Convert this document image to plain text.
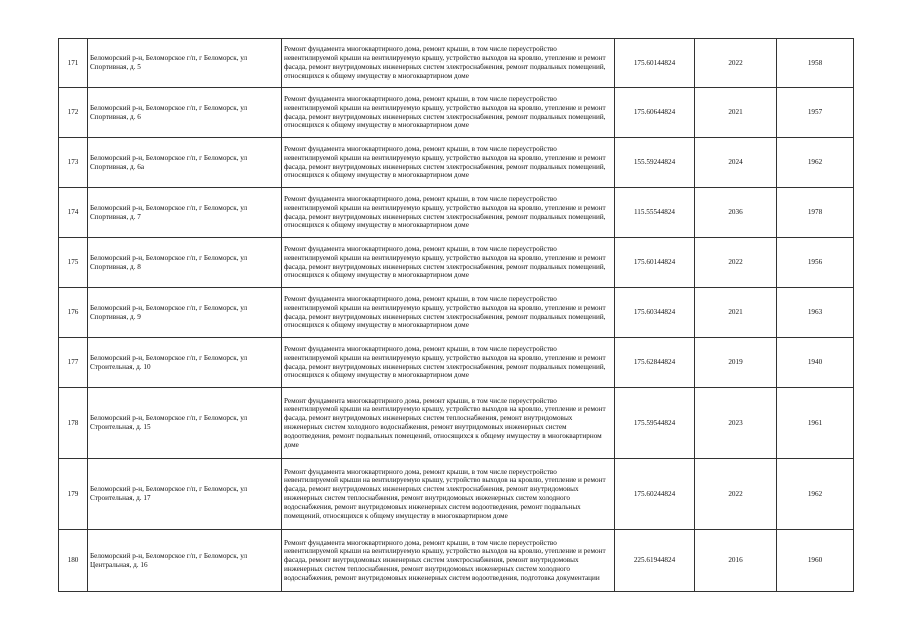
171	Беломорский р-н, Беломорское г/п, г Беломорск, ул Спортивная, д. 5	Ремонт фундамента многоквартирного дома, ремонт крыши, в том числе переустройство невентилируемой крыши на вентилируемую крышу, устройство выходов на кровлю, утепление и ремонт фасада, ремонт внутридомовых инженерных систем электроснабжения, ремонт подвальных помещений, относящихся к общему имуществу в многоквартирном доме	175.60144824	2022	1958
172	Беломорский р-н, Беломорское г/п, г Беломорск, ул Спортивная, д. 6	Ремонт фундамента многоквартирного дома, ремонт крыши, в том числе переустройство невентилируемой крыши на вентилируемую крышу, устройство выходов на кровлю, утепление и ремонт фасада, ремонт внутридомовых инженерных систем электроснабжения, ремонт подвальных помещений, относящихся к общему имуществу в многоквартирном доме	175.60644824	2021	1957
173	Беломорский р-н, Беломорское г/п, г Беломорск, ул Спортивная, д. 6а	Ремонт фундамента многоквартирного дома, ремонт крыши, в том числе переустройство невентилируемой крыши на вентилируемую крышу, устройство выходов на кровлю, утепление и ремонт фасада, ремонт внутридомовых инженерных систем электроснабжения, ремонт подвальных помещений, относящихся к общему имуществу в многоквартирном доме	155.59244824	2024	1962
174	Беломорский р-н, Беломорское г/п, г Беломорск, ул Спортивная, д. 7	Ремонт фундамента многоквартирного дома, ремонт крыши, в том числе переустройство невентилируемой крыши на вентилируемую крышу, устройство выходов на кровлю, утепление и ремонт фасада, ремонт внутридомовых инженерных систем электроснабжения, ремонт подвальных помещений, относящихся к общему имуществу в многоквартирном доме	115.55544824	2036	1978
175	Беломорский р-н, Беломорское г/п, г Беломорск, ул Спортивная, д. 8	Ремонт фундамента многоквартирного дома, ремонт крыши, в том числе переустройство невентилируемой крыши на вентилируемую крышу, устройство выходов на кровлю, утепление и ремонт фасада, ремонт внутридомовых инженерных систем электроснабжения, ремонт подвальных помещений, относящихся к общему имуществу в многоквартирном доме	175.60144824	2022	1956
176	Беломорский р-н, Беломорское г/п, г Беломорск, ул Спортивная, д. 9	Ремонт фундамента многоквартирного дома, ремонт крыши, в том числе переустройство невентилируемой крыши на вентилируемую крышу, устройство выходов на кровлю, утепление и ремонт фасада, ремонт внутридомовых инженерных систем электроснабжения, ремонт подвальных помещений, относящихся к общему имуществу в многоквартирном доме	175.60344824	2021	1963
177	Беломорский р-н, Беломорское г/п, г Беломорск, ул Строительная, д. 10	Ремонт фундамента многоквартирного дома, ремонт крыши, в том числе переустройство невентилируемой крыши на вентилируемую крышу, устройство выходов на кровлю, утепление и ремонт фасада, ремонт внутридомовых инженерных систем электроснабжения, ремонт подвальных помещений, относящихся к общему имуществу в многоквартирном доме	175.62844824	2019	1940
178	Беломорский р-н, Беломорское г/п, г Беломорск, ул Строительная, д. 15	Ремонт фундамента многоквартирного дома, ремонт крыши, в том числе переустройство невентилируемой крыши на вентилируемую крышу, устройство выходов на кровлю, утепление и ремонт фасада, ремонт внутридомовых инженерных систем теплоснабжения, ремонт внутридомовых инженерных систем холодного водоснабжения, ремонт внутридомовых инженерных систем водоотведения, ремонт подвальных помещений, относящихся к общему имуществу в многоквартирном доме	175.59544824	2023	1961
179	Беломорский р-н, Беломорское г/п, г Беломорск, ул Строительная, д. 17	Ремонт фундамента многоквартирного дома, ремонт крыши, в том числе переустройство невентилируемой крыши на вентилируемую крышу, устройство выходов на кровлю, утепление и ремонт фасада, ремонт внутридомовых инженерных систем электроснабжения, ремонт внутридомовых инженерных систем теплоснабжения, ремонт внутридомовых инженерных систем холодного водоснабжения, ремонт внутридомовых инженерных систем водоотведения, ремонт подвальных помещений, относящихся к общему имуществу в многоквартирном доме	175.60244824	2022	1962
180	Беломорский р-н, Беломорское г/п, г Беломорск, ул Центральная, д. 16	Ремонт фундамента многоквартирного дома, ремонт крыши, в том числе переустройство невентилируемой крыши на вентилируемую крышу, устройство выходов на кровлю, утепление и ремонт фасада, ремонт внутридомовых инженерных систем электроснабжения, ремонт внутридомовых инженерных систем теплоснабжения, ремонт внутридомовых инженерных систем холодного водоснабжения, ремонт внутридомовых инженерных систем водоотведения, подготовка документации	225.61944824	2016	1960
